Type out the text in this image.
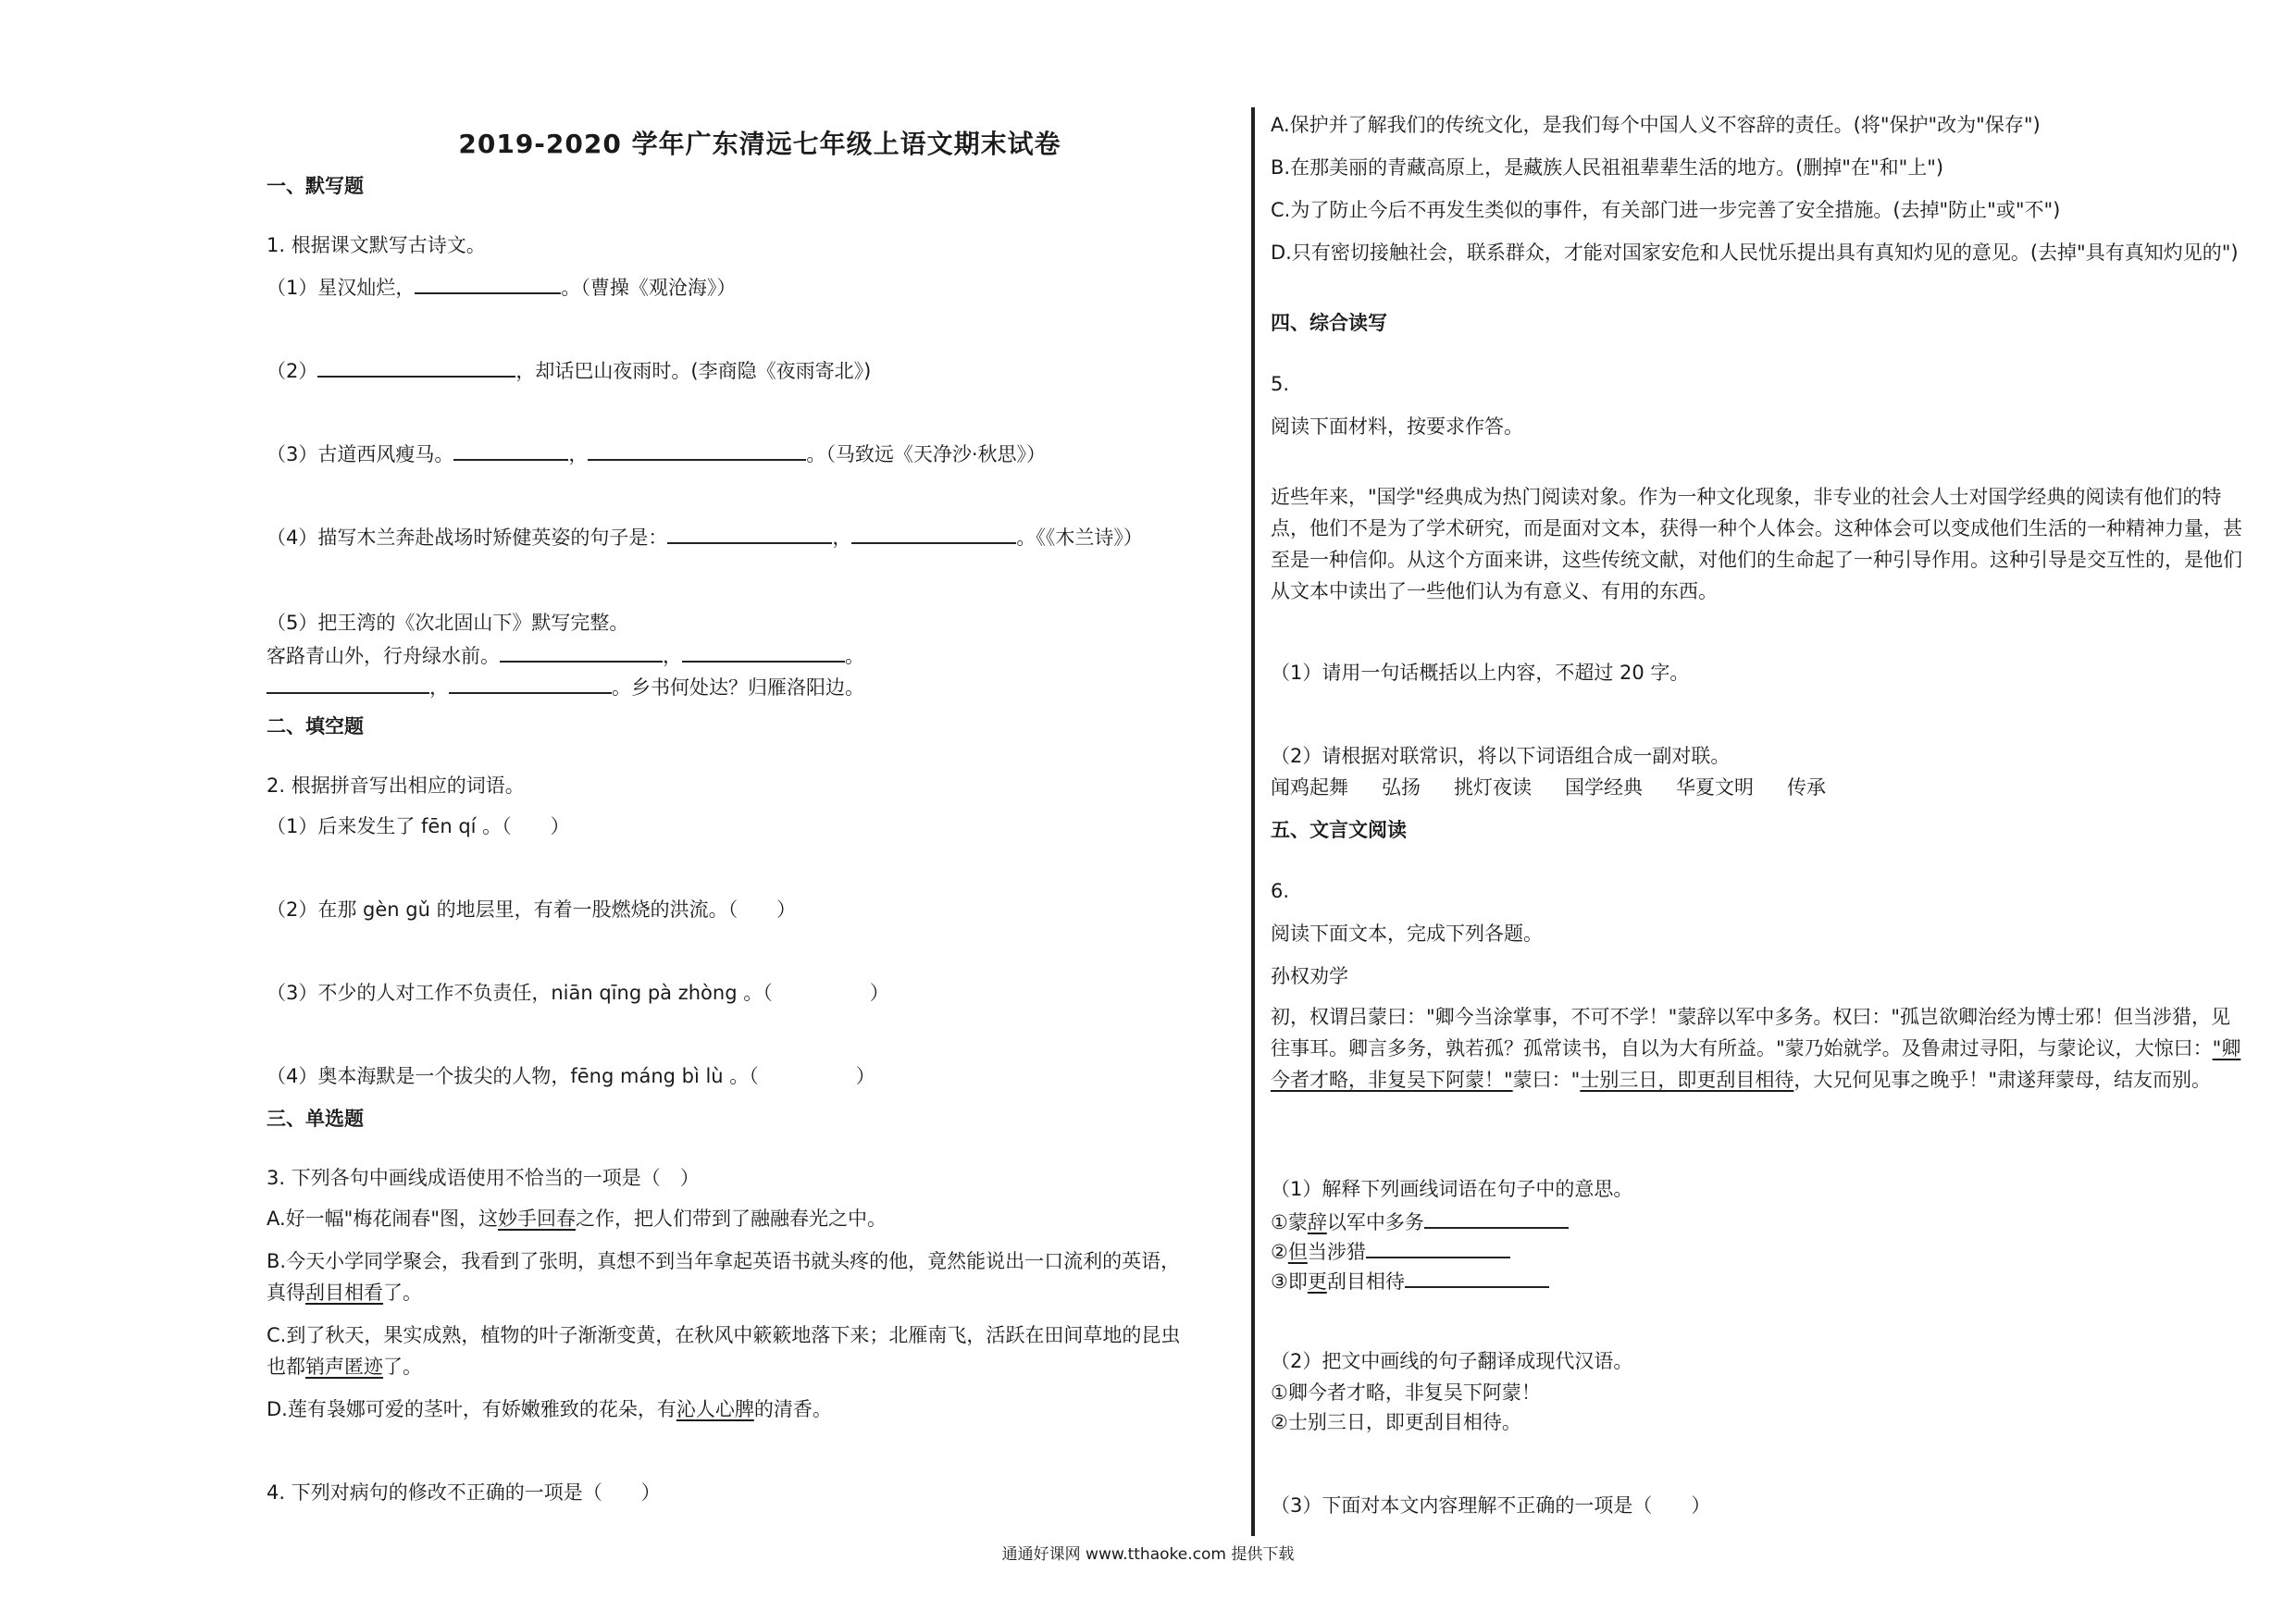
2019-2020 学年广东清远七年级上语文期末试卷
一、默写题
1. 根据课文默写古诗文。
（1）星汉灿烂，	。（曹操《观沧海》）
（2）	，却话巴山夜雨时。(李商隐《夜雨寄北》)
（3）古道西风瘦马。	，	。（马致远《天净沙·秋思》）
（4）描写木兰奔赴战场时矫健英姿的句子是：	，	。《《木兰诗》）
（5）把王湾的《次北固山下》默写完整。
客路青山外，行舟绿水前。	，	。
，	。乡书何处达？归雁洛阳边。
二、填空题
2. 根据拼音写出相应的词语。
（1）后来发生了 fēn qí 。（　　）
（2）在那 gèn gǔ 的地层里，有着一股燃烧的洪流。（　　）
（3）不少的人对工作不负责任，niān qīng pà zhòng 。（　　　　　）
（4）奥本海默是一个拔尖的人物，fēng máng bì lù 。（　　　　　）
三、单选题
3. 下列各句中画线成语使用不恰当的一项是（　）
A.好一幅"梅花闹春"图，这妙手回春之作，把人们带到了融融春光之中。
B.今天小学同学聚会，我看到了张明，真想不到当年拿起英语书就头疼的他，竟然能说出一口流利的英语，
真得刮目相看了。
C.到了秋天，果实成熟，植物的叶子渐渐变黄，在秋风中簌簌地落下来；北雁南飞，活跃在田间草地的昆虫
也都销声匿迹了。
D.莲有袅娜可爱的茎叶，有娇嫩雅致的花朵，有沁人心脾的清香。
4. 下列对病句的修改不正确的一项是（　　）
A.保护并了解我们的传统文化，是我们每个中国人义不容辞的责任。(将"保护"改为"保存")
B.在那美丽的青藏高原上，是藏族人民祖祖辈辈生活的地方。(删掉"在"和"上")
C.为了防止今后不再发生类似的事件，有关部门进一步完善了安全措施。(去掉"防止"或"不")
D.只有密切接触社会，联系群众，才能对国家安危和人民忧乐提出具有真知灼见的意见。(去掉"具有真知灼见的")
四、综合读写
5.
阅读下面材料，按要求作答。
近些年来，"国学"经典成为热门阅读对象。作为一种文化现象，非专业的社会人士对国学经典的阅读有他们的特点，他们不是为了学术研究，而是面对文本，获得一种个人体会。这种体会可以变成他们生活的一种精神力量，甚至是一种信仰。从这个方面来讲，这些传统文献，对他们的生命起了一种引导作用。这种引导是交互性的，是他们从文本中读出了一些他们认为有意义、有用的东西。
（1）请用一句话概括以上内容，不超过 20 字。
（2）请根据对联常识，将以下词语组合成一副对联。
闻鸡起舞 弘扬 挑灯夜读 国学经典 华夏文明 传承
五、文言文阅读
6.
阅读下面文本，完成下列各题。
孙权劝学
初，权谓吕蒙曰："卿今当涂掌事，不可不学！"蒙辞以军中多务。权曰："孤岂欲卿治经为博士邪！但当涉猎，见往事耳。卿言多务，孰若孤？孤常读书，自以为大有所益。"蒙乃始就学。及鲁肃过寻阳，与蒙论议，大惊曰："卿今者才略，非复吴下阿蒙！"蒙曰："士别三日，即更刮目相待，大兄何见事之晚乎！"肃遂拜蒙母，结友而别。
（1）解释下列画线词语在句子中的意思。
①蒙辞以军中多务
②但当涉猎
③即更刮目相待
（2）把文中画线的句子翻译成现代汉语。
①卿今者才略，非复吴下阿蒙！
②士别三日，即更刮目相待。
（3）下面对本文内容理解不正确的一项是（　　）
通通好课网 www.tthaoke.com 提供下载
